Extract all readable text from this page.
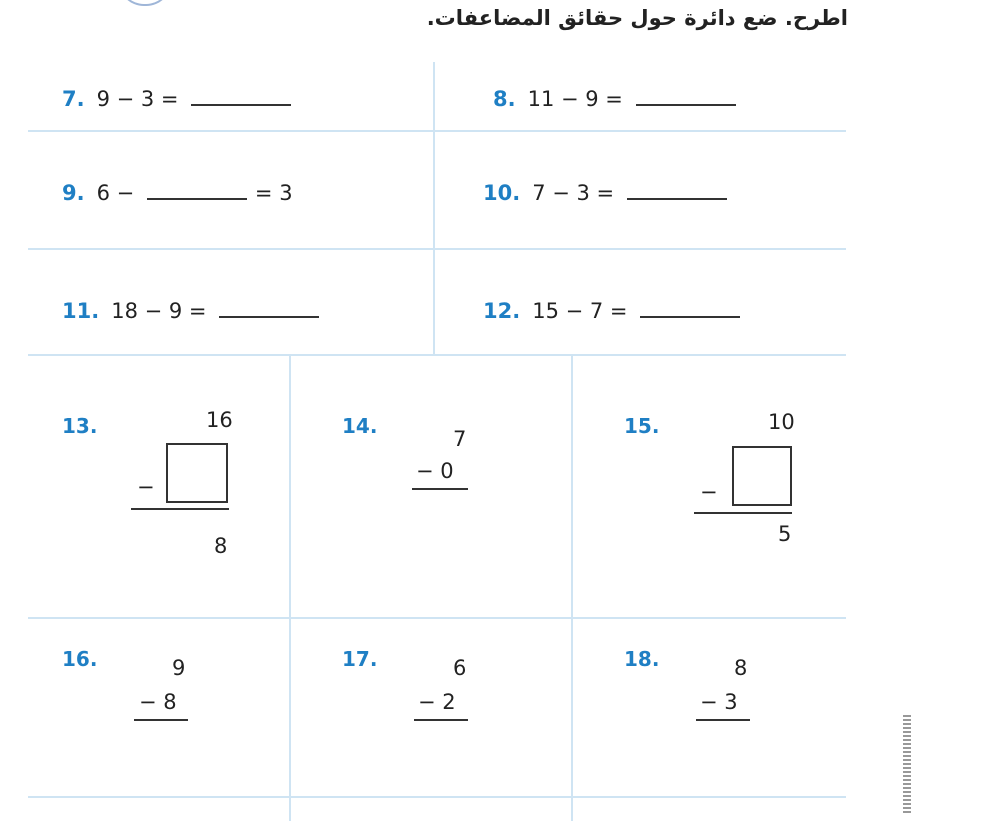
اطرح. ضع دائرة حول حقائق المضاعفات.
7. 9 − 3 =	8. 11 − 9 =
9. 6 −	= 3	10. 7 − 3 =
11. 18 − 9 =	12. 15 − 7 =
13.	16
−
8
14.
7
− 0
15.	10
−
5
16.	9
− 8
17.	6
− 2
18.	8
− 3
